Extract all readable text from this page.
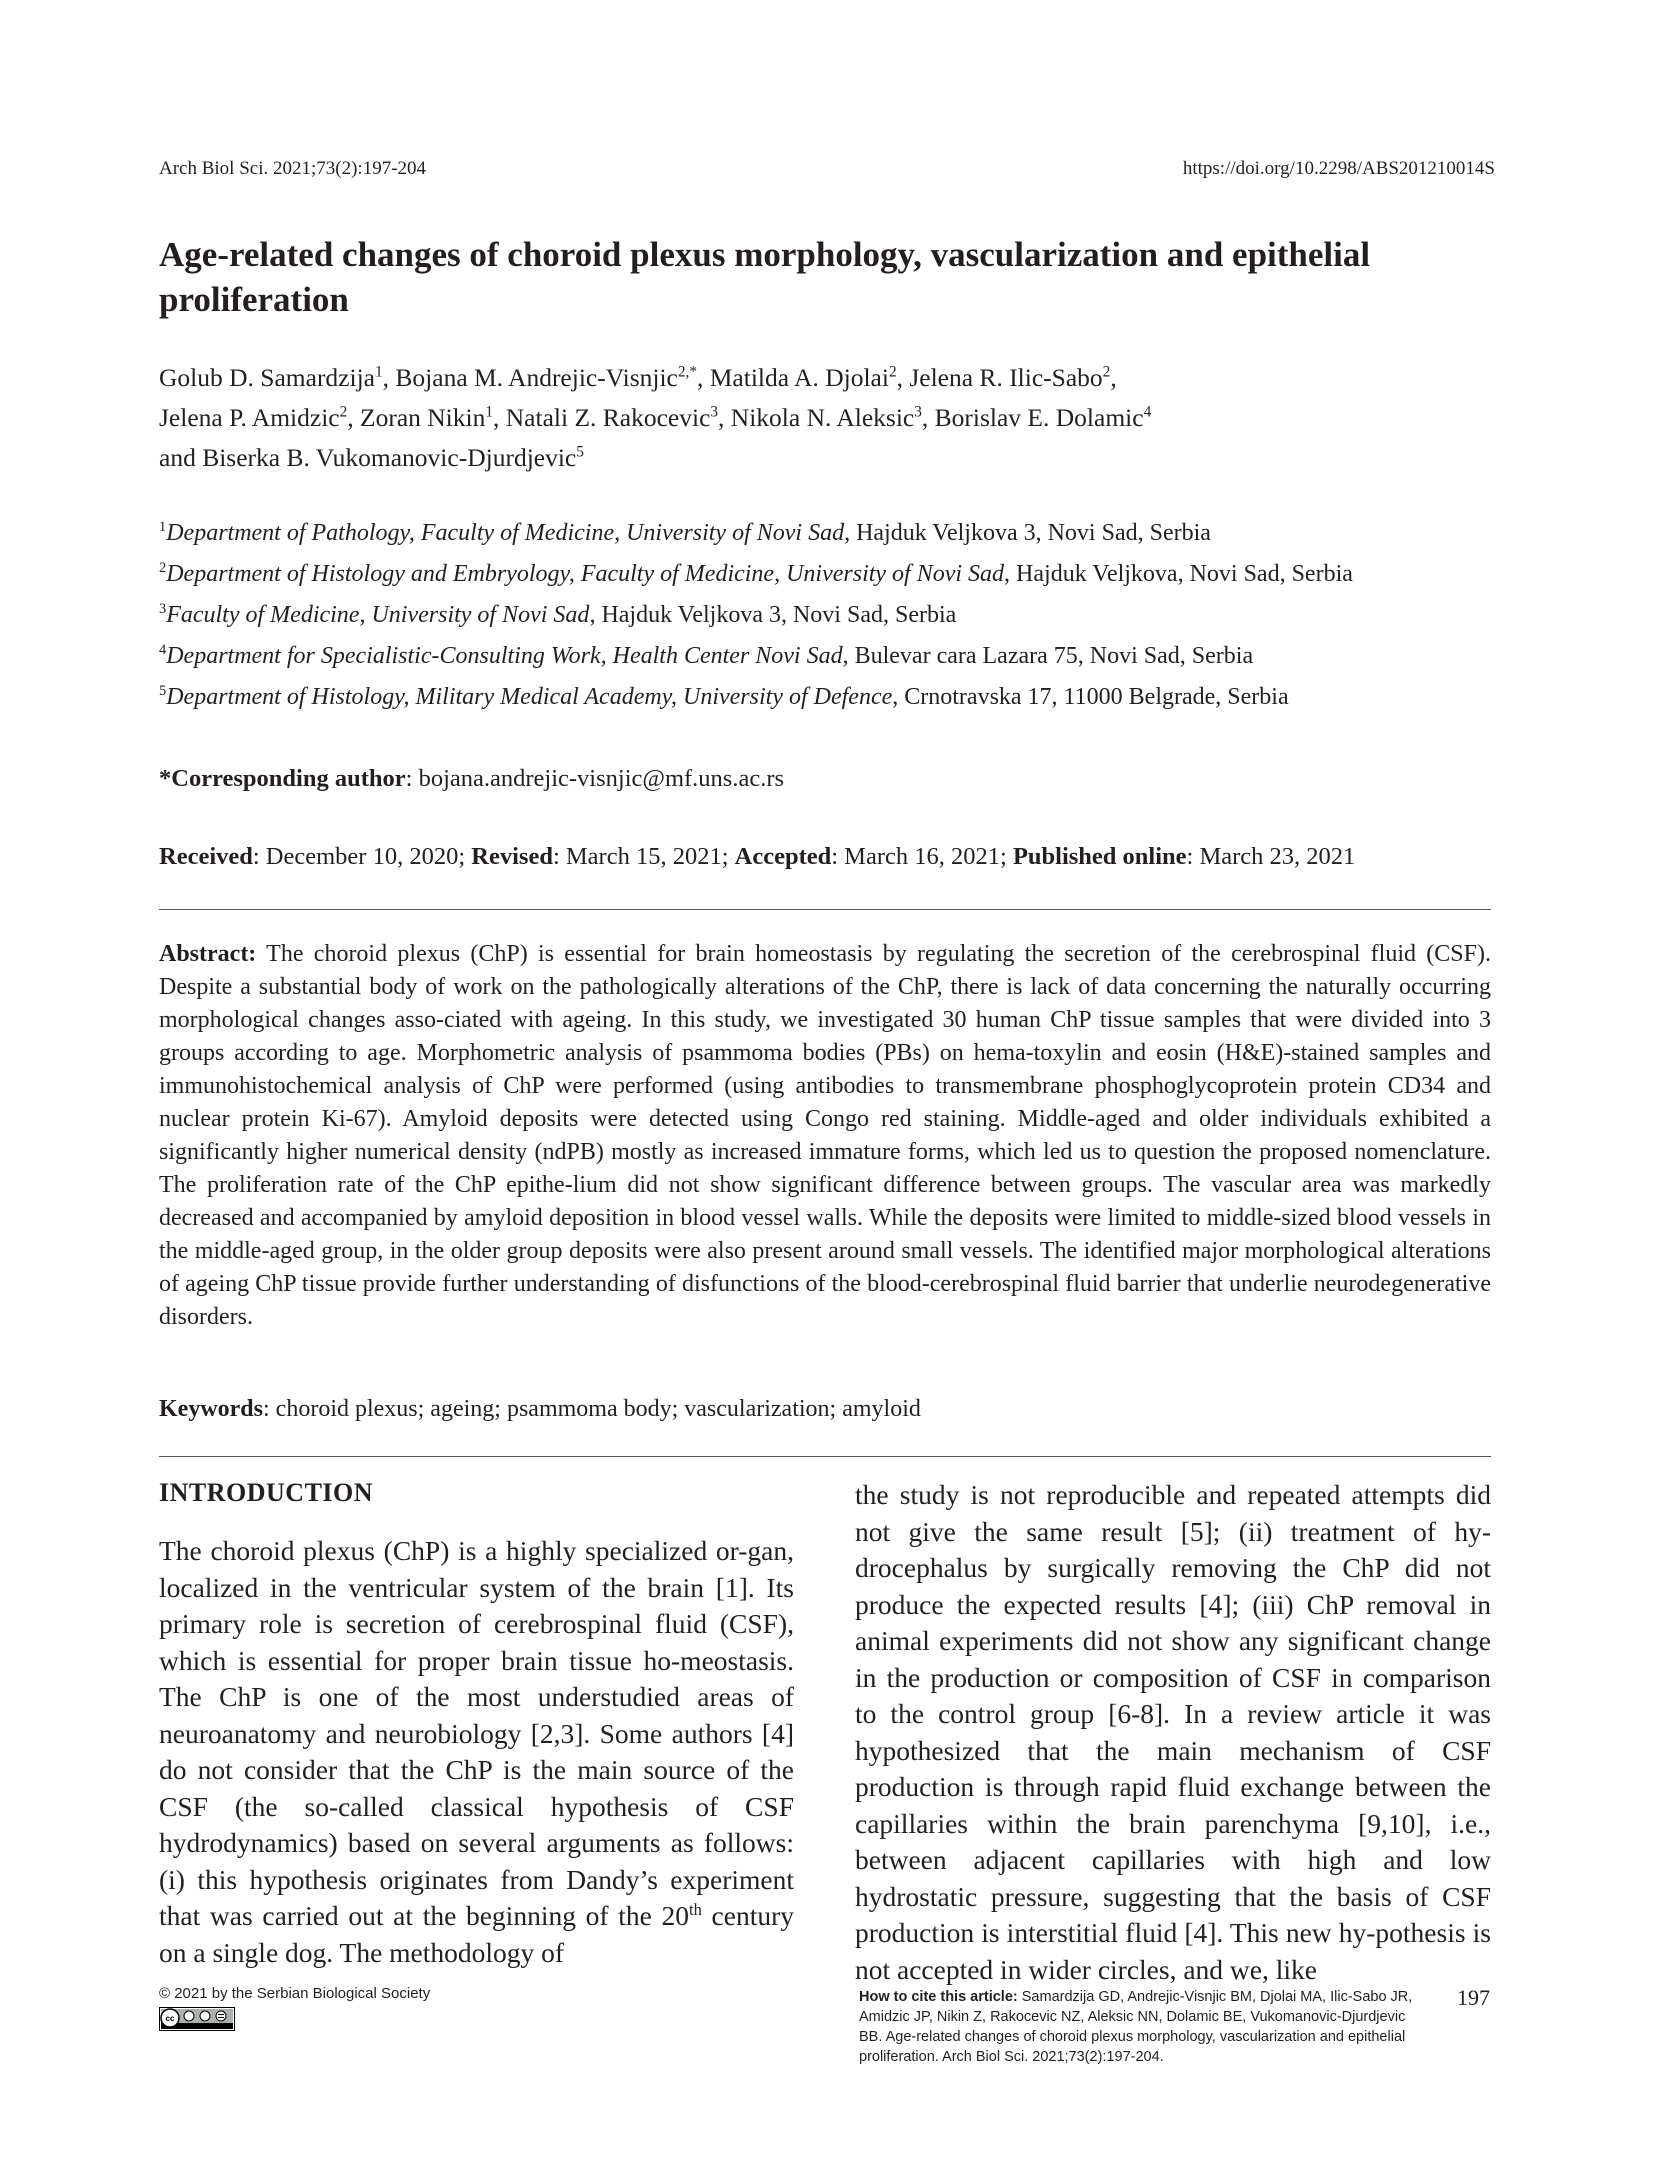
Arch Biol Sci. 2021;73(2):197-204	https://doi.org/10.2298/ABS201210014S
Age-related changes of choroid plexus morphology, vascularization and epithelial proliferation
Golub D. Samardzija$^1$, Bojana M. Andrejic-Visnjic$^{2,*}$, Matilda A. Djolai$^2$, Jelena R. Ilic-Sabo$^2$,
Jelena P. Amidzic$^2$, Zoran Nikin$^1$, Natali Z. Rakocevic$^3$, Nikola N. Aleksic$^3$, Borislav E. Dolamic$^4$
and Biserka B. Vukomanovic-Djurdjevic$^5$
$^1$Department of Pathology, Faculty of Medicine, University of Novi Sad, Hajduk Veljkova 3, Novi Sad, Serbia
$^2$Department of Histology and Embryology, Faculty of Medicine, University of Novi Sad, Hajduk Veljkova, Novi Sad, Serbia
$^3$Faculty of Medicine, University of Novi Sad, Hajduk Veljkova 3, Novi Sad, Serbia
$^4$Department for Specialistic-Consulting Work, Health Center Novi Sad, Bulevar cara Lazara 75, Novi Sad, Serbia
$^5$Department of Histology, Military Medical Academy, University of Defence, Crnotravska 17, 11000 Belgrade, Serbia
*Corresponding author: bojana.andrejic-visnjic@mf.uns.ac.rs
Received: December 10, 2020; Revised: March 15, 2021; Accepted: March 16, 2021; Published online: March 23, 2021
Abstract: The choroid plexus (ChP) is essential for brain homeostasis by regulating the secretion of the cerebrospinal fluid (CSF). Despite a substantial body of work on the pathologically alterations of the ChP, there is lack of data concerning the naturally occurring morphological changes asso-ciated with ageing. In this study, we investigated 30 human ChP tissue samples that were divided into 3 groups according to age. Morphometric analysis of psammoma bodies (PBs) on hema-toxylin and eosin (H&E)-stained samples and immunohistochemical analysis of ChP were performed (using antibodies to transmembrane phosphoglycoprotein protein CD34 and nuclear protein Ki-67). Amyloid deposits were detected using Congo red staining. Middle-aged and older individuals exhibited a significantly higher numerical density (ndPB) mostly as increased immature forms, which led us to question the proposed nomenclature. The proliferation rate of the ChP epithe-lium did not show significant difference between groups. The vascular area was markedly decreased and accompanied by amyloid deposition in blood vessel walls. While the deposits were limited to middle-sized blood vessels in the middle-aged group, in the older group deposits were also present around small vessels. The identified major morphological alterations of ageing ChP tissue provide further understanding of disfunctions of the blood-cerebrospinal fluid barrier that underlie neurodegenerative disorders.
Keywords: choroid plexus; ageing; psammoma body; vascularization; amyloid
INTRODUCTION
The choroid plexus (ChP) is a highly specialized or-gan, localized in the ventricular system of the brain [1]. Its primary role is secretion of cerebrospinal fluid (CSF), which is essential for proper brain tissue ho-meostasis. The ChP is one of the most understudied areas of neuroanatomy and neurobiology [2,3]. Some authors [4] do not consider that the ChP is the main source of the CSF (the so-called classical hypothesis of CSF hydrodynamics) based on several arguments as follows: (i) this hypothesis originates from Dandy’s experiment that was carried out at the beginning of the 20th century on a single dog. The methodology of
the study is not reproducible and repeated attempts did not give the same result [5]; (ii) treatment of hy-drocephalus by surgically removing the ChP did not produce the expected results [4]; (iii) ChP removal in animal experiments did not show any significant change in the production or composition of CSF in comparison to the control group [6-8]. In a review article it was hypothesized that the main mechanism of CSF production is through rapid fluid exchange between the capillaries within the brain parenchyma [9,10], i.e., between adjacent capillaries with high and low hydrostatic pressure, suggesting that the basis of CSF production is interstitial fluid [4]. This new hy-pothesis is not accepted in wider circles, and we, like
© 2021 by the Serbian Biological Society
cc
How to cite this article: Samardzija GD, Andrejic-Visnjic BM, Djolai MA, Ilic-Sabo JR, Amidzic JP, Nikin Z, Rakocevic NZ, Aleksic NN, Dolamic BE, Vukomanovic-Djurdjevic BB. Age-related changes of choroid plexus morphology, vascularization and epithelial proliferation. Arch Biol Sci. 2021;73(2):197-204.
197
